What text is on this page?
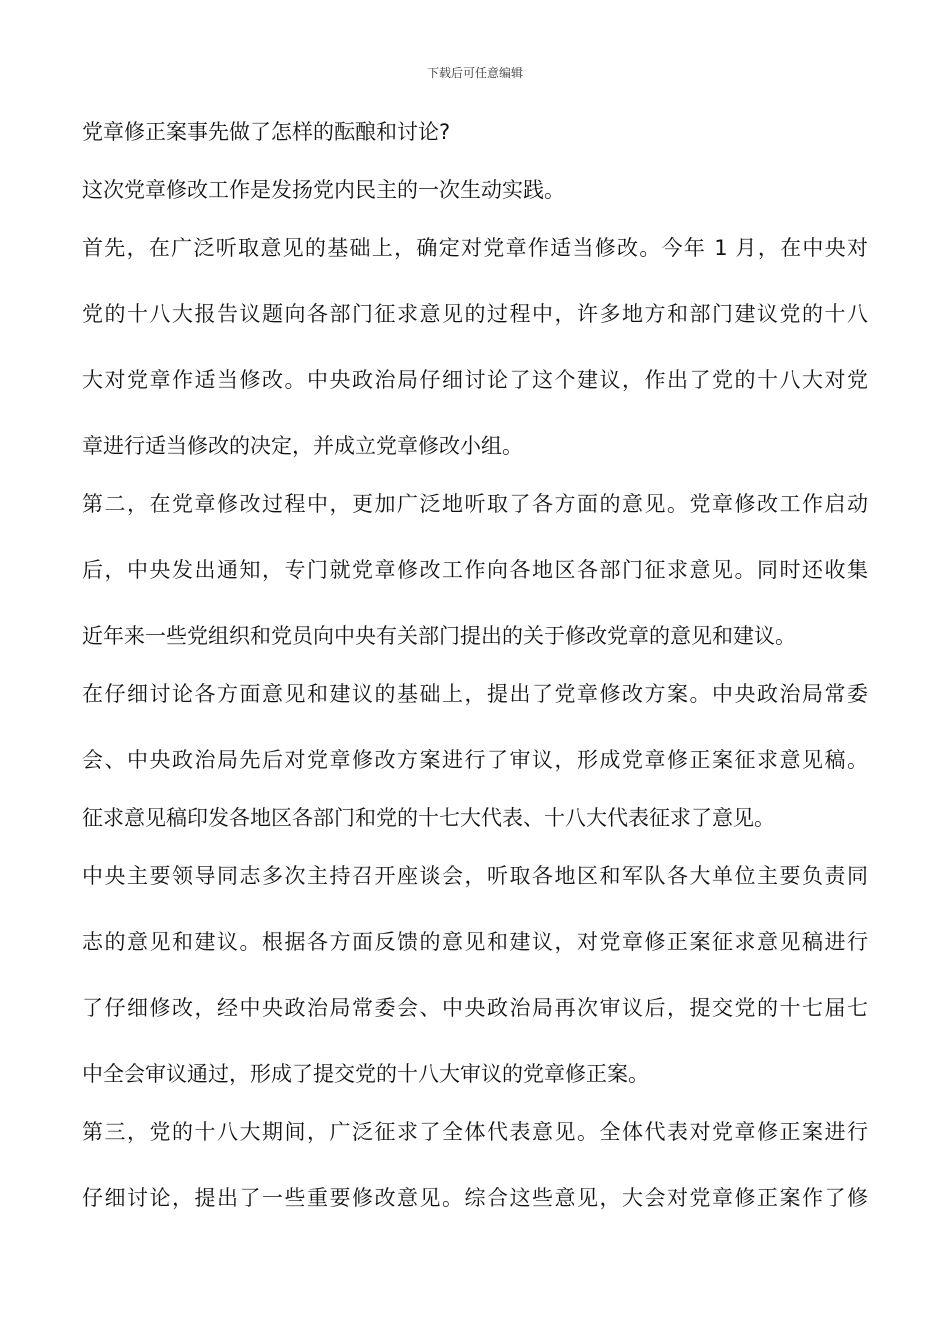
下载后可任意编辑
党章修正案事先做了怎样的酝酿和讨论?
这次党章修改工作是发扬党内民主的一次生动实践。
首先，在广泛听取意见的基础上，确定对党章作适当修改。今年 1 月，在中央对
党的十八大报告议题向各部门征求意见的过程中，许多地方和部门建议党的十八
大对党章作适当修改。中央政治局仔细讨论了这个建议，作出了党的十八大对党
章进行适当修改的决定，并成立党章修改小组。
第二，在党章修改过程中，更加广泛地听取了各方面的意见。党章修改工作启动
后，中央发出通知，专门就党章修改工作向各地区各部门征求意见。同时还收集
近年来一些党组织和党员向中央有关部门提出的关于修改党章的意见和建议。
在仔细讨论各方面意见和建议的基础上，提出了党章修改方案。中央政治局常委
会、中央政治局先后对党章修改方案进行了审议，形成党章修正案征求意见稿。
征求意见稿印发各地区各部门和党的十七大代表、十八大代表征求了意见。
中央主要领导同志多次主持召开座谈会，听取各地区和军队各大单位主要负责同
志的意见和建议。根据各方面反馈的意见和建议，对党章修正案征求意见稿进行
了仔细修改，经中央政治局常委会、中央政治局再次审议后，提交党的十七届七
中全会审议通过，形成了提交党的十八大审议的党章修正案。
第三，党的十八大期间，广泛征求了全体代表意见。全体代表对党章修正案进行
仔细讨论，提出了一些重要修改意见。综合这些意见，大会对党章修正案作了修
